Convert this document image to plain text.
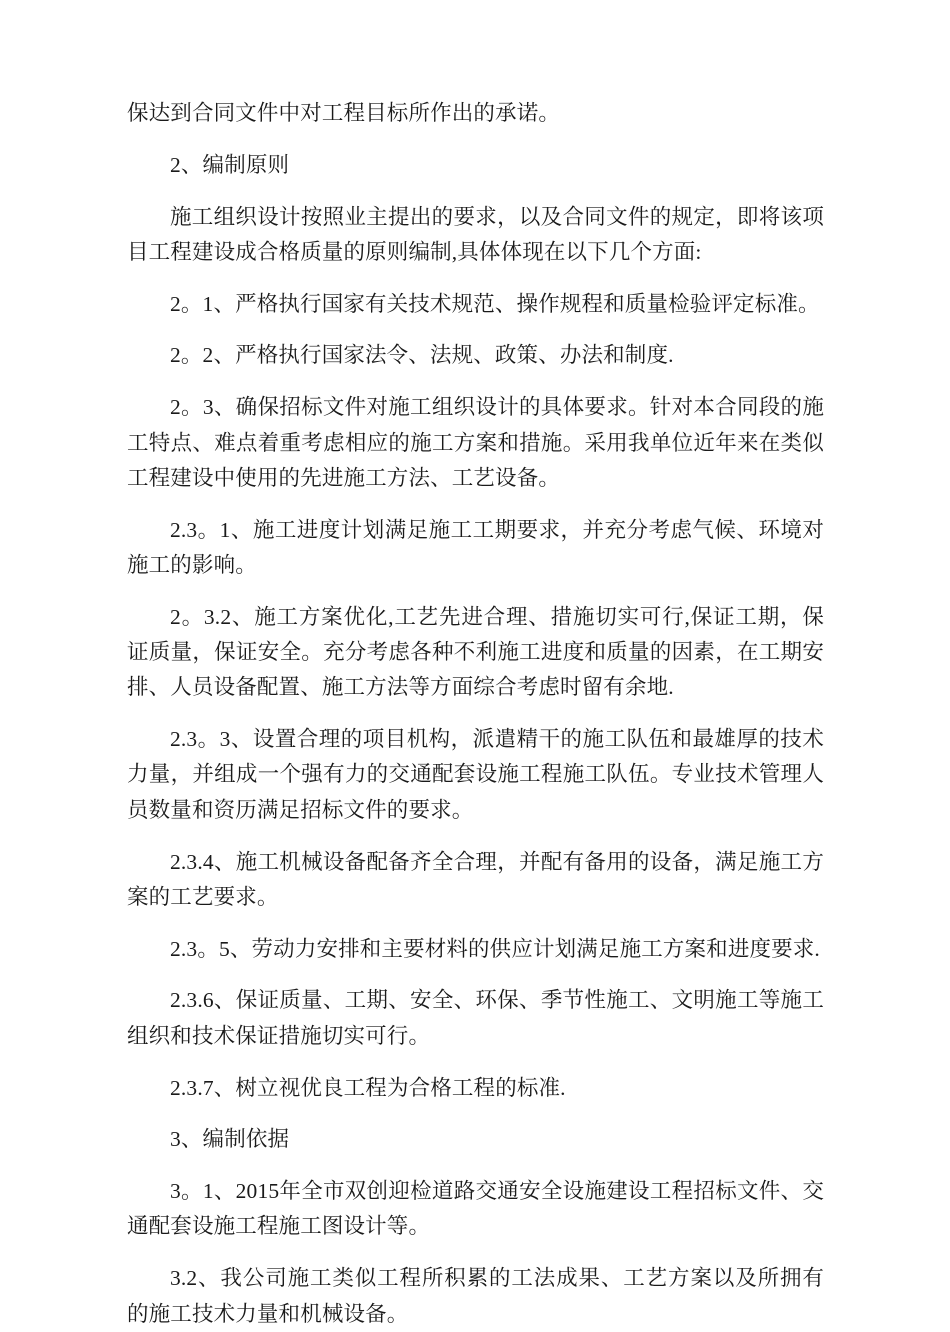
保达到合同文件中对工程目标所作出的承诺。

2、编制原则

施工组织设计按照业主提出的要求，以及合同文件的规定，即将该项目工程建设成合格质量的原则编制,具体体现在以下几个方面:

2。1、严格执行国家有关技术规范、操作规程和质量检验评定标准。

2。2、严格执行国家法令、法规、政策、办法和制度.

2。3、确保招标文件对施工组织设计的具体要求。针对本合同段的施工特点、难点着重考虑相应的施工方案和措施。采用我单位近年来在类似工程建设中使用的先进施工方法、工艺设备。

2.3。1、施工进度计划满足施工工期要求，并充分考虑气候、环境对施工的影响。

2。3.2、施工方案优化,工艺先进合理、措施切实可行,保证工期，保证质量，保证安全。充分考虑各种不利施工进度和质量的因素，在工期安排、人员设备配置、施工方法等方面综合考虑时留有余地.

2.3。3、设置合理的项目机构，派遣精干的施工队伍和最雄厚的技术力量，并组成一个强有力的交通配套设施工程施工队伍。专业技术管理人员数量和资历满足招标文件的要求。

2.3.4、施工机械设备配备齐全合理，并配有备用的设备，满足施工方案的工艺要求。

2.3。5、劳动力安排和主要材料的供应计划满足施工方案和进度要求.

2.3.6、保证质量、工期、安全、环保、季节性施工、文明施工等施工组织和技术保证措施切实可行。

2.3.7、树立视优良工程为合格工程的标准.

3、编制依据

3。1、2015年全市双创迎检道路交通安全设施建设工程招标文件、交通配套设施工程施工图设计等。

3.2、我公司施工类似工程所积累的工法成果、工艺方案以及所拥有的施工技术力量和机械设备。
